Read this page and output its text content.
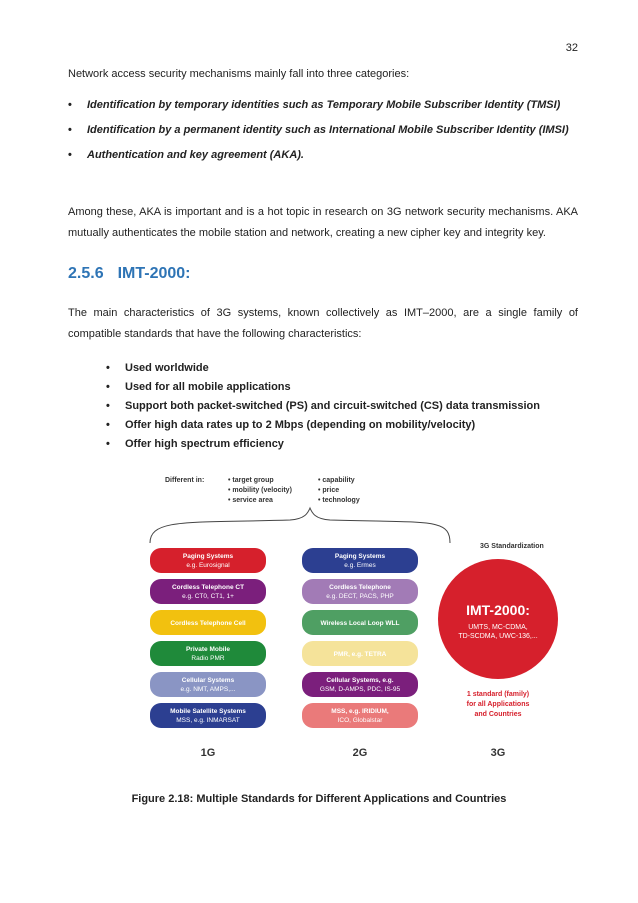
32
Network access security mechanisms mainly fall into three categories:
• Identification by temporary identities such as Temporary Mobile Subscriber Identity (TMSI)
• Identification by a permanent identity such as International Mobile Subscriber Identity (IMSI)
• Authentication and key agreement (AKA).
Among these, AKA is important and is a hot topic in research on 3G network security mechanisms. AKA mutually authenticates the mobile station and network, creating a new cipher key and integrity key.
2.5.6 IMT-2000:
The main characteristics of 3G systems, known collectively as IMT–2000, are a single family of compatible standards that have the following characteristics:
• Used worldwide
• Used for all mobile applications
• Support both packet-switched (PS) and circuit-switched (CS) data transmission
• Offer high data rates up to 2 Mbps (depending on mobility/velocity)
• Offer high spectrum efficiency
Different in:	• target group
• mobility (velocity)
• service area
• capability
• price
• technology
Paging Systems
e.g. Eurosignal
Cordless Telephone CT
e.g. CT0, CT1, 1+
Cordless Telephone Cell
Private Mobile
Radio PMR
Cellular Systems
e.g. NMT, AMPS,...
Mobile Satellite Systems
MSS, e.g. INMARSAT
Paging Systems
e.g. Ermes
Cordless Telephone
e.g. DECT, PACS, PHP
Wireless Local Loop WLL
PMR, e.g. TETRA
Cellular Systems, e.g.
GSM, D-AMPS, PDC, IS-95
MSS, e.g. IRIDIUM,
ICO, Globalstar
3G Standardization
IMT-2000:
UMTS, MC-CDMA,
TD-SCDMA, UWC-136,...
1 standard (family)
for all Applications
and Countries
1G	2G	3G
Figure 2.18: Multiple Standards for Different Applications and Countries
